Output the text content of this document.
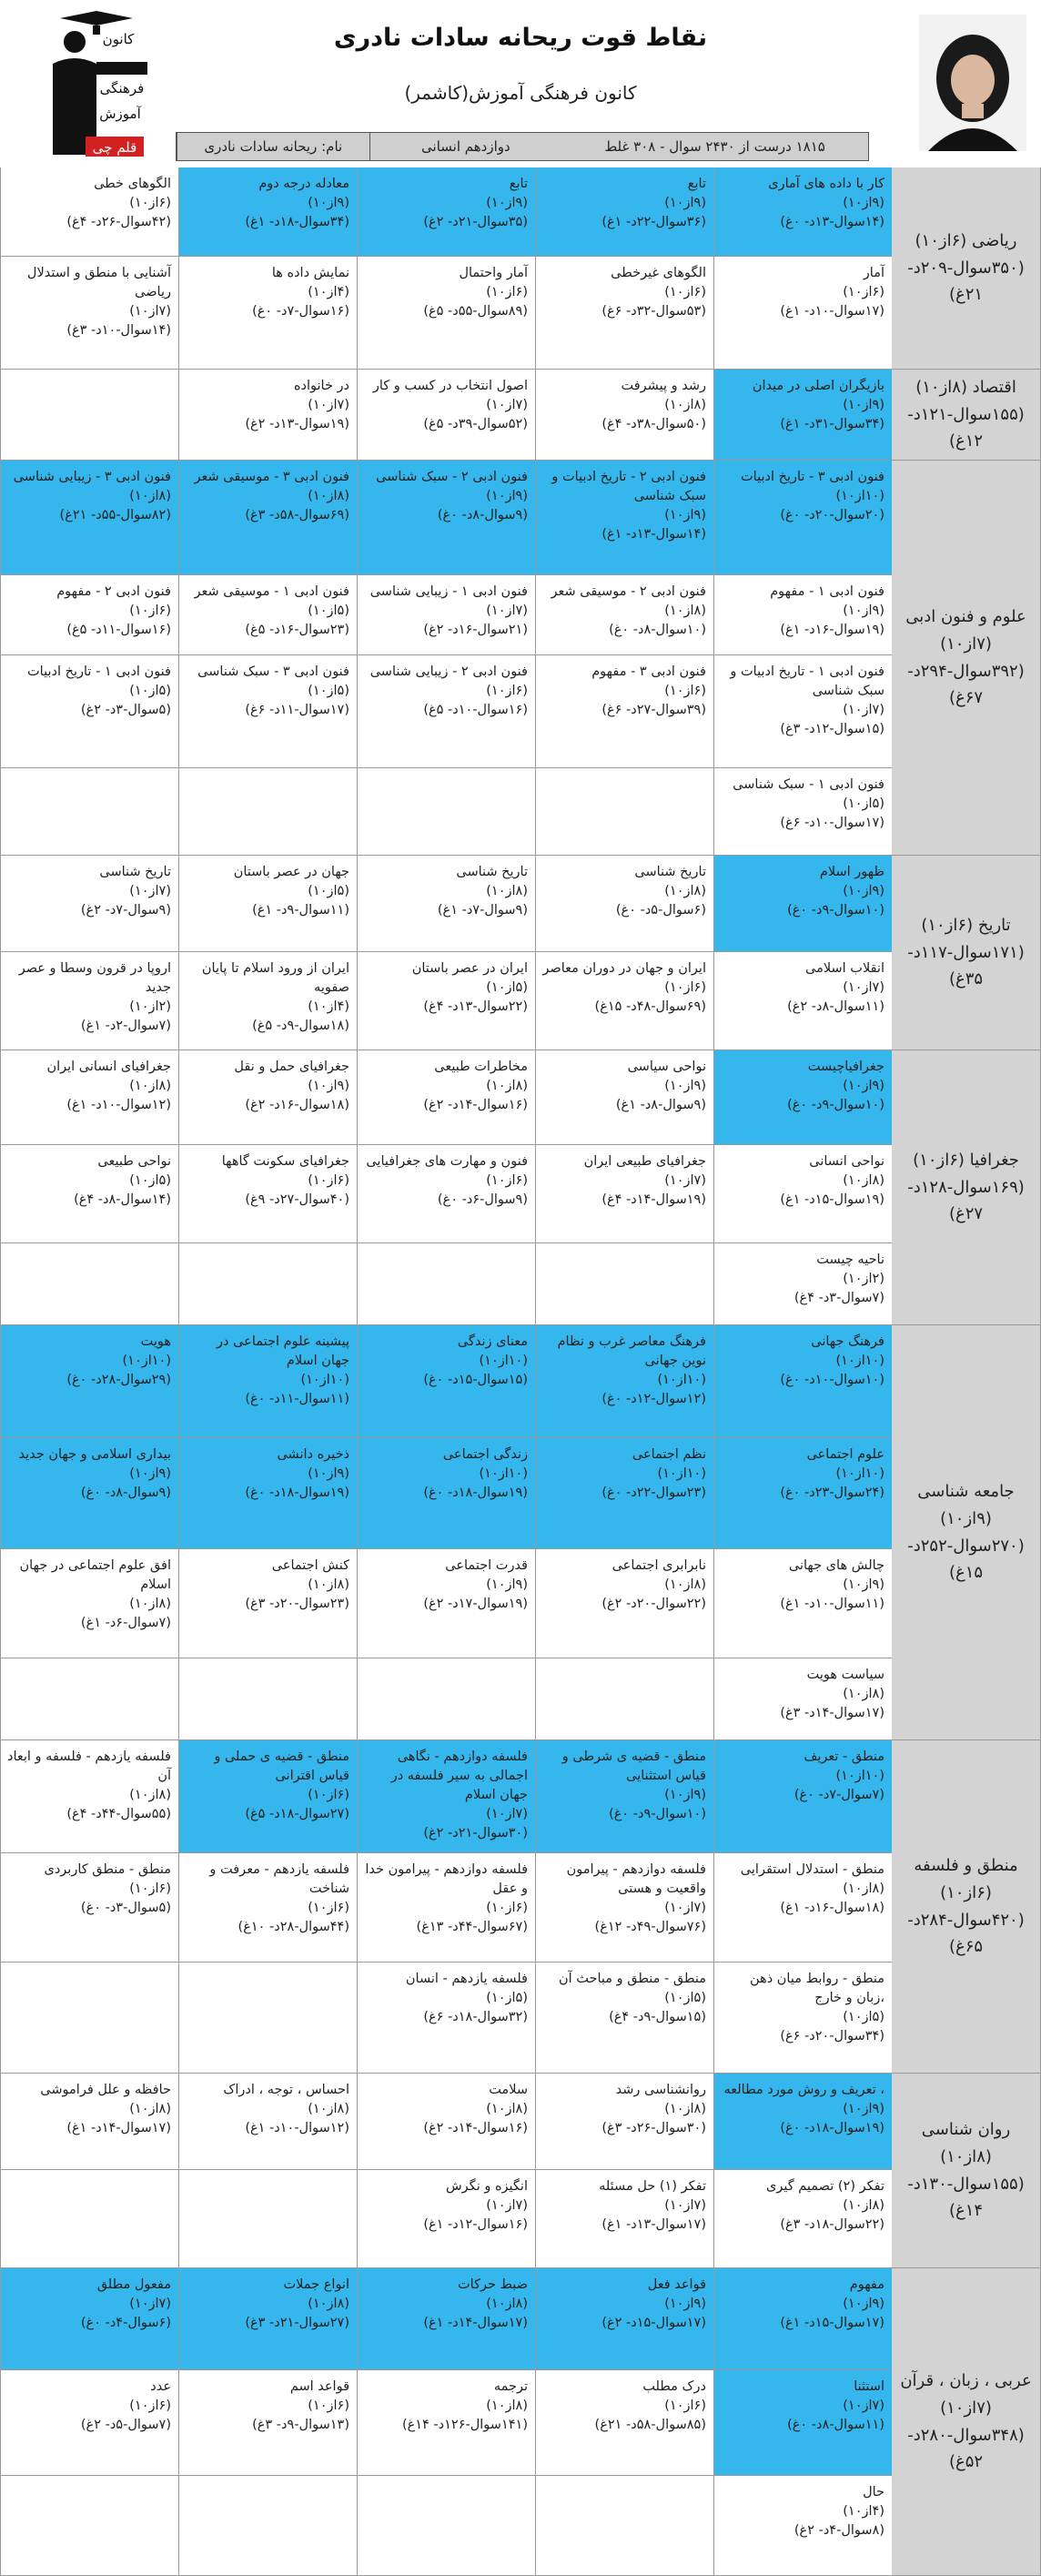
نقاط قوت ریحانه سادات نادری
کانون فرهنگی آموزش(کاشمر)
نام: ریحانه سادات نادری	دوازدهم انسانی	۱۸۱۵ درست از ۲۴۳۰ سوال - ۳۰۸ غلط
کانون
فرهنگی
آموزش
قلم چی
ریاضی (۶از۱۰)
(۳۵۰سوال-۲۰۹د-
۲۱غ)
کار با داده های آماری
(۹از۱۰)
(۱۴سوال-۱۳د- ۰غ)
تابع
(۹از۱۰)
(۳۶سوال-۲۲د- ۱غ)
تابع
(۹از۱۰)
(۳۵سوال-۲۱د- ۲غ)
معادله درجه دوم
(۹از۱۰)
(۳۴سوال-۱۸د- ۱غ)
الگوهای خطی
(۶از۱۰)
(۴۲سوال-۲۶د- ۴غ)
آمار
(۶از۱۰)
(۱۷سوال-۱۰د- ۱غ)
الگوهای غیرخطی
(۶از۱۰)
(۵۳سوال-۳۲د- ۶غ)
آمار واحتمال
(۶از۱۰)
(۸۹سوال-۵۵د- ۵غ)
نمایش داده ها
(۴از۱۰)
(۱۶سوال-۷د- ۰غ)
آشنایی با منطق و استدلال ریاضی
(۷از۱۰)
(۱۴سوال-۱۰د- ۳غ)
اقتصاد (۸از۱۰)
(۱۵۵سوال-۱۲۱د-
۱۲غ)
بازیگران اصلی در میدان
(۹از۱۰)
(۳۴سوال-۳۱د- ۱غ)
رشد و پیشرفت
(۸از۱۰)
(۵۰سوال-۳۸د- ۴غ)
اصول انتخاب در کسب و کار
(۷از۱۰)
(۵۲سوال-۳۹د- ۵غ)
در خانواده
(۷از۱۰)
(۱۹سوال-۱۳د- ۲غ)
علوم و فنون ادبی
(۷از۱۰)
(۳۹۲سوال-۲۹۴د-
۶۷غ)
فنون ادبی ۳ - تاریخ ادبیات
(۱۰از۱۰)
(۲۰سوال-۲۰د- ۰غ)
فنون ادبی ۲ - تاریخ ادبیات و سبک شناسی
(۹از۱۰)
(۱۴سوال-۱۳د- ۱غ)
فنون ادبی ۲ - سبک شناسی
(۹از۱۰)
(۹سوال-۸د- ۰غ)
فنون ادبی ۳ - موسیقی شعر
(۸از۱۰)
(۶۹سوال-۵۸د- ۳غ)
فنون ادبی ۳ - زیبایی شناسی
(۸از۱۰)
(۸۲سوال-۵۵د- ۲۱غ)
فنون ادبی ۱ - مفهوم
(۹از۱۰)
(۱۹سوال-۱۶د- ۱غ)
فنون ادبی ۲ - موسیقی شعر
(۸از۱۰)
(۱۰سوال-۸د- ۰غ)
فنون ادبی ۱ - زیبایی شناسی
(۷از۱۰)
(۲۱سوال-۱۶د- ۲غ)
فنون ادبی ۱ - موسیقی شعر
(۵از۱۰)
(۲۳سوال-۱۶د- ۵غ)
فنون ادبی ۲ - مفهوم
(۶از۱۰)
(۱۶سوال-۱۱د- ۵غ)
فنون ادبی ۱ - تاریخ ادبیات و سبک شناسی
(۷از۱۰)
(۱۵سوال-۱۲د- ۳غ)
فنون ادبی ۳ - مفهوم
(۶از۱۰)
(۳۹سوال-۲۷د- ۶غ)
فنون ادبی ۲ - زیبایی شناسی
(۶از۱۰)
(۱۶سوال-۱۰د- ۵غ)
فنون ادبی ۳ - سبک شناسی
(۵از۱۰)
(۱۷سوال-۱۱د- ۶غ)
فنون ادبی ۱ - تاریخ ادبیات
(۵از۱۰)
(۵سوال-۳د- ۲غ)
فنون ادبی ۱ - سبک شناسی
(۵از۱۰)
(۱۷سوال-۱۰د- ۶غ)
تاریخ (۶از۱۰)
(۱۷۱سوال-۱۱۷د-
۳۵غ)
ظهور اسلام
(۹از۱۰)
(۱۰سوال-۹د- ۰غ)
تاریخ شناسی
(۸از۱۰)
(۶سوال-۵د- ۰غ)
تاریخ شناسی
(۸از۱۰)
(۹سوال-۷د- ۱غ)
جهان در عصر باستان
(۵از۱۰)
(۱۱سوال-۹د- ۱غ)
تاریخ شناسی
(۷از۱۰)
(۹سوال-۷د- ۲غ)
انقلاب اسلامی
(۷از۱۰)
(۱۱سوال-۸د- ۲غ)
ایران و جهان در دوران معاصر
(۶از۱۰)
(۶۹سوال-۴۸د- ۱۵غ)
ایران در عصر باستان
(۵از۱۰)
(۲۲سوال-۱۳د- ۴غ)
ایران از ورود اسلام تا پایان صفویه
(۴از۱۰)
(۱۸سوال-۹د- ۵غ)
اروپا در قرون وسطا و عصر جدید
(۲از۱۰)
(۷سوال-۲د- ۱غ)
جغرافیا (۶از۱۰)
(۱۶۹سوال-۱۲۸د-
۲۷غ)
جغرافیاچیست
(۹از۱۰)
(۱۰سوال-۹د- ۰غ)
نواحی سیاسی
(۹از۱۰)
(۹سوال-۸د- ۱غ)
مخاطرات طبیعی
(۸از۱۰)
(۱۶سوال-۱۴د- ۲غ)
جغرافیای حمل و نقل
(۹از۱۰)
(۱۸سوال-۱۶د- ۲غ)
جغرافیای انسانی ایران
(۸از۱۰)
(۱۲سوال-۱۰د- ۱غ)
نواحی انسانی
(۸از۱۰)
(۱۹سوال-۱۵د- ۱غ)
جغرافیای طبیعی ایران
(۷از۱۰)
(۱۹سوال-۱۴د- ۴غ)
فنون و مهارت های جغرافیایی
(۶از۱۰)
(۹سوال-۶د- ۰غ)
جغرافیای سکونت گاهها
(۶از۱۰)
(۴۰سوال-۲۷د- ۹غ)
نواحی طبیعی
(۵از۱۰)
(۱۴سوال-۸د- ۴غ)
ناحیه چیست
(۲از۱۰)
(۷سوال-۳د- ۴غ)
جامعه شناسی (۹از۱۰)
(۲۷۰سوال-۲۵۲د-
۱۵غ)
فرهنگ جهانی
(۱۰از۱۰)
(۱۰سوال-۱۰د- ۰غ)
فرهنگ معاصر غرب و نظام نوین جهانی
(۱۰از۱۰)
(۱۲سوال-۱۲د- ۰غ)
معنای زندگی
(۱۰از۱۰)
(۱۵سوال-۱۵د- ۰غ)
پیشینه علوم اجتماعی در جهان اسلام
(۱۰از۱۰)
(۱۱سوال-۱۱د- ۰غ)
هویت
(۱۰از۱۰)
(۲۹سوال-۲۸د- ۰غ)
علوم اجتماعی
(۱۰از۱۰)
(۲۴سوال-۲۳د- ۰غ)
نظم اجتماعی
(۱۰از۱۰)
(۲۳سوال-۲۲د- ۰غ)
زندگی اجتماعی
(۱۰از۱۰)
(۱۹سوال-۱۸د- ۰غ)
ذخیره دانشی
(۹از۱۰)
(۱۹سوال-۱۸د- ۰غ)
بیداری اسلامی و جهان جدید
(۹از۱۰)
(۹سوال-۸د- ۰غ)
چالش های جهانی
(۹از۱۰)
(۱۱سوال-۱۰د- ۱غ)
نابرابری اجتماعی
(۸از۱۰)
(۲۲سوال-۲۰د- ۲غ)
قدرت اجتماعی
(۹از۱۰)
(۱۹سوال-۱۷د- ۲غ)
کنش اجتماعی
(۸از۱۰)
(۲۳سوال-۲۰د- ۳غ)
افق علوم اجتماعی در جهان اسلام
(۸از۱۰)
(۷سوال-۶د- ۱غ)
سیاست هویت
(۸از۱۰)
(۱۷سوال-۱۴د- ۳غ)
منطق و فلسفه (۶از۱۰)
(۴۲۰سوال-۲۸۴د-
۶۵غ)
منطق - تعریف
(۱۰از۱۰)
(۷سوال-۷د- ۰غ)
منطق - قضیه ی شرطی و قیاس استثنایی
(۹از۱۰)
(۱۰سوال-۹د- ۰غ)
فلسفه دوازدهم - نگاهی اجمالی به سیر فلسفه در جهان اسلام
(۷از۱۰)
(۳۰سوال-۲۱د- ۲غ)
منطق - قضیه ی حملی و قیاس اقترانی
(۶از۱۰)
(۲۷سوال-۱۸د- ۵غ)
فلسفه یازدهم - فلسفه و ابعاد آن
(۸از۱۰)
(۵۵سوال-۴۴د- ۴غ)
منطق - استدلال استقرایی
(۸از۱۰)
(۱۸سوال-۱۶د- ۱غ)
فلسفه دوازدهم - پیرامون واقعیت و هستی
(۷از۱۰)
(۷۶سوال-۴۹د- ۱۲غ)
فلسفه دوازدهم - پیرامون خدا و عقل
(۶از۱۰)
(۶۷سوال-۴۴د- ۱۳غ)
فلسفه یازدهم - معرفت و شناخت
(۶از۱۰)
(۴۴سوال-۲۸د- ۱۰غ)
منطق - منطق کاربردی
(۶از۱۰)
(۵سوال-۳د- ۰غ)
منطق - روابط میان ذهن ،زبان و خارج
(۵از۱۰)
(۳۴سوال-۲۰د- ۶غ)
منطق - منطق و مباحث آن
(۵از۱۰)
(۱۵سوال-۹د- ۴غ)
فلسفه یازدهم - انسان
(۵از۱۰)
(۳۲سوال-۱۸د- ۶غ)
روان شناسی (۸از۱۰)
(۱۵۵سوال-۱۳۰د-
۱۴غ)
، تعریف و روش مورد مطالعه
(۹از۱۰)
(۱۹سوال-۱۸د- ۰غ)
روانشناسی رشد
(۸از۱۰)
(۳۰سوال-۲۶د- ۳غ)
سلامت
(۸از۱۰)
(۱۶سوال-۱۴د- ۲غ)
احساس ، توجه ، ادراک
(۸از۱۰)
(۱۲سوال-۱۰د- ۱غ)
حافظه و علل فراموشی
(۸از۱۰)
(۱۷سوال-۱۴د- ۱غ)
تفکر (۲) تصمیم گیری
(۸از۱۰)
(۲۲سوال-۱۸د- ۳غ)
تفکر (۱) حل مسئله
(۷از۱۰)
(۱۷سوال-۱۳د- ۱غ)
انگیزه و نگرش
(۷از۱۰)
(۱۶سوال-۱۲د- ۱غ)
عربی ، زبان ، قرآن
(۷از۱۰)
(۳۴۸سوال-۲۸۰د-
۵۲غ)
مفهوم
(۹از۱۰)
(۱۷سوال-۱۵د- ۱غ)
قواعد فعل
(۹از۱۰)
(۱۷سوال-۱۵د- ۲غ)
ضبط حرکات
(۸از۱۰)
(۱۷سوال-۱۴د- ۱غ)
انواع جملات
(۸از۱۰)
(۲۷سوال-۲۱د- ۳غ)
مفعول مطلق
(۷از۱۰)
(۶سوال-۴د- ۰غ)
استثنا
(۷از۱۰)
(۱۱سوال-۸د- ۰غ)
درک مطلب
(۶از۱۰)
(۸۵سوال-۵۸د- ۲۱غ)
ترجمه
(۸از۱۰)
(۱۴۱سوال-۱۲۶د- ۱۴غ)
قواعد اسم
(۶از۱۰)
(۱۳سوال-۹د- ۳غ)
عدد
(۶از۱۰)
(۷سوال-۵د- ۲غ)
حال
(۴از۱۰)
(۸سوال-۴د- ۲غ)
